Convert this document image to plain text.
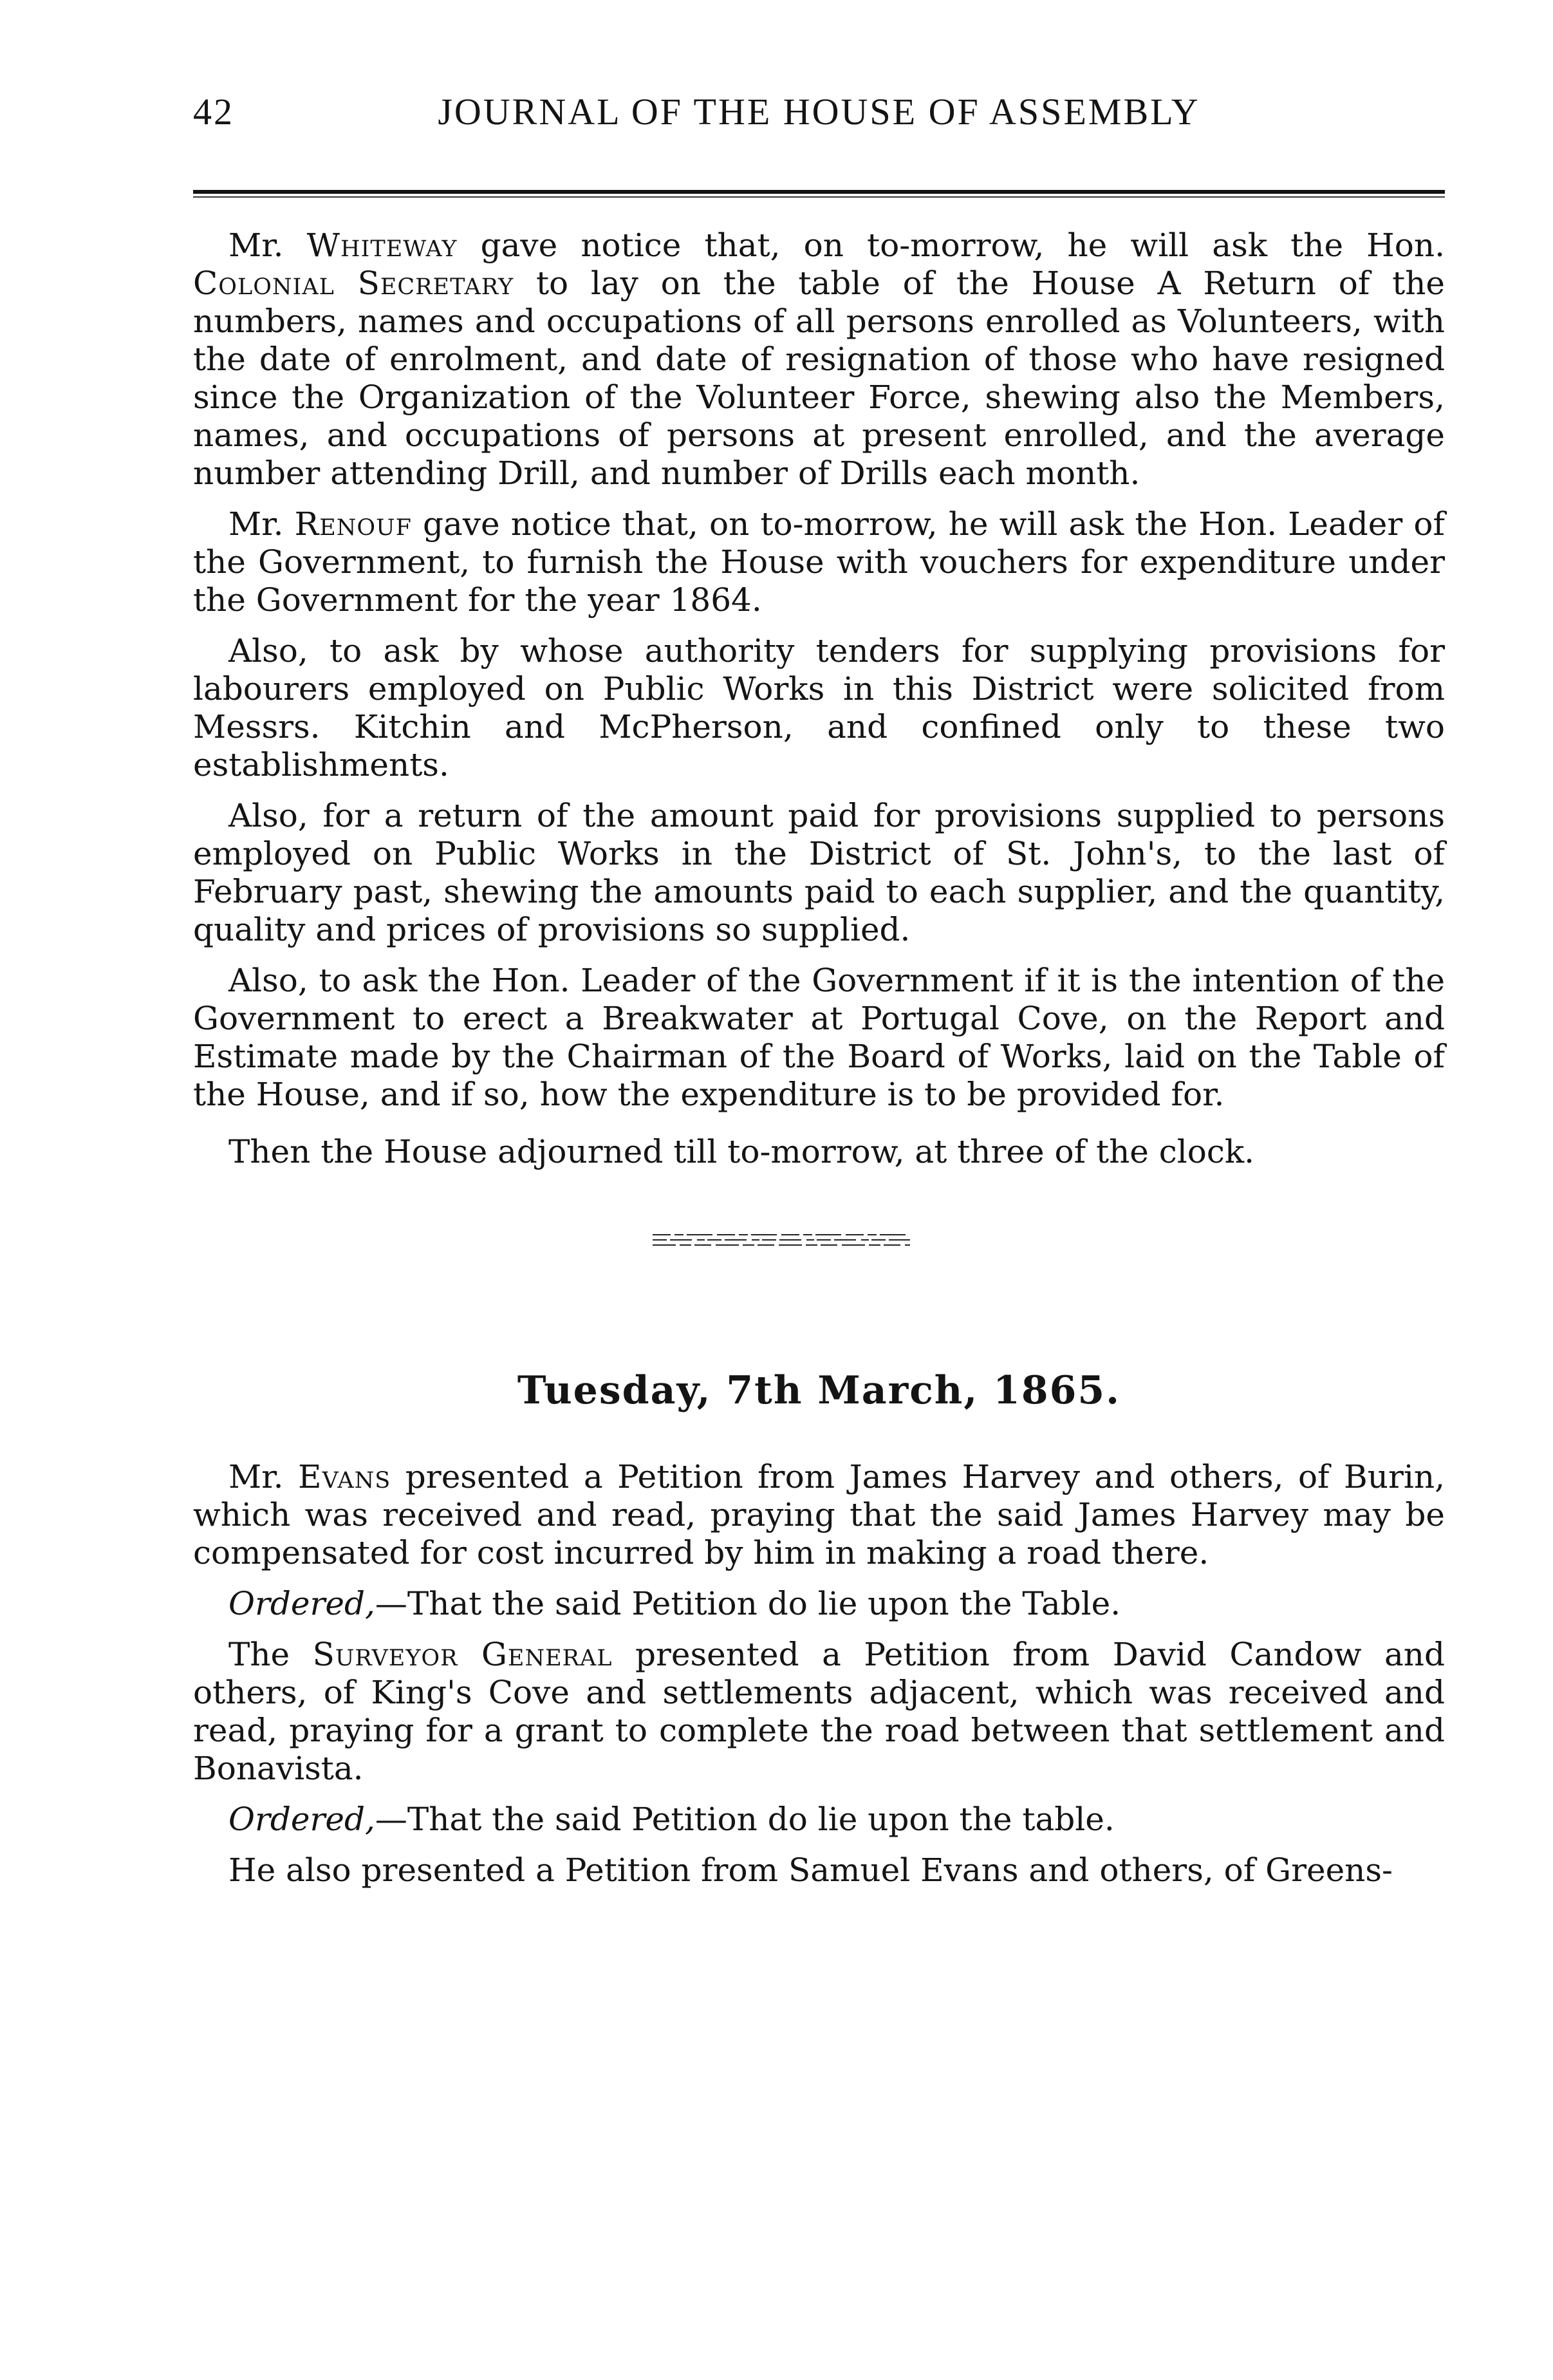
42	JOURNAL OF THE HOUSE OF ASSEMBLY

Mr. Whiteway gave notice that, on to-morrow, he will ask the Hon. Colonial Secretary to lay on the table of the House A Return of the numbers, names and occupations of all persons enrolled as Volunteers, with the date of enrolment, and date of resignation of those who have resigned since the Organization of the Volunteer Force, shewing also the Members, names, and occupations of persons at present enrolled, and the average number attending Drill, and number of Drills each month.

Mr. Renouf gave notice that, on to-morrow, he will ask the Hon. Leader of the Government, to furnish the House with vouchers for expenditure under the Government for the year 1864.

Also, to ask by whose authority tenders for supplying provisions for labourers employed on Public Works in this District were solicited from Messrs. Kitchin and McPherson, and confined only to these two establishments.

Also, for a return of the amount paid for provisions supplied to persons employed on Public Works in the District of St. John's, to the last of February past, shewing the amounts paid to each supplier, and the quantity, quality and prices of provisions so supplied.

Also, to ask the Hon. Leader of the Government if it is the intention of the Government to erect a Breakwater at Portugal Cove, on the Report and Estimate made by the Chairman of the Board of Works, laid on the Table of the House, and if so, how the expenditure is to be provided for.

Then the House adjourned till to-morrow, at three of the clock.

Tuesday, 7th March, 1865.

Mr. Evans presented a Petition from James Harvey and others, of Burin, which was received and read, praying that the said James Harvey may be compensated for cost incurred by him in making a road there.

Ordered,—That the said Petition do lie upon the Table.

The Surveyor General presented a Petition from David Candow and others, of King's Cove and settlements adjacent, which was received and read, praying for a grant to complete the road between that settlement and Bonavista.

Ordered,—That the said Petition do lie upon the table.

He also presented a Petition from Samuel Evans and others, of Greens-
